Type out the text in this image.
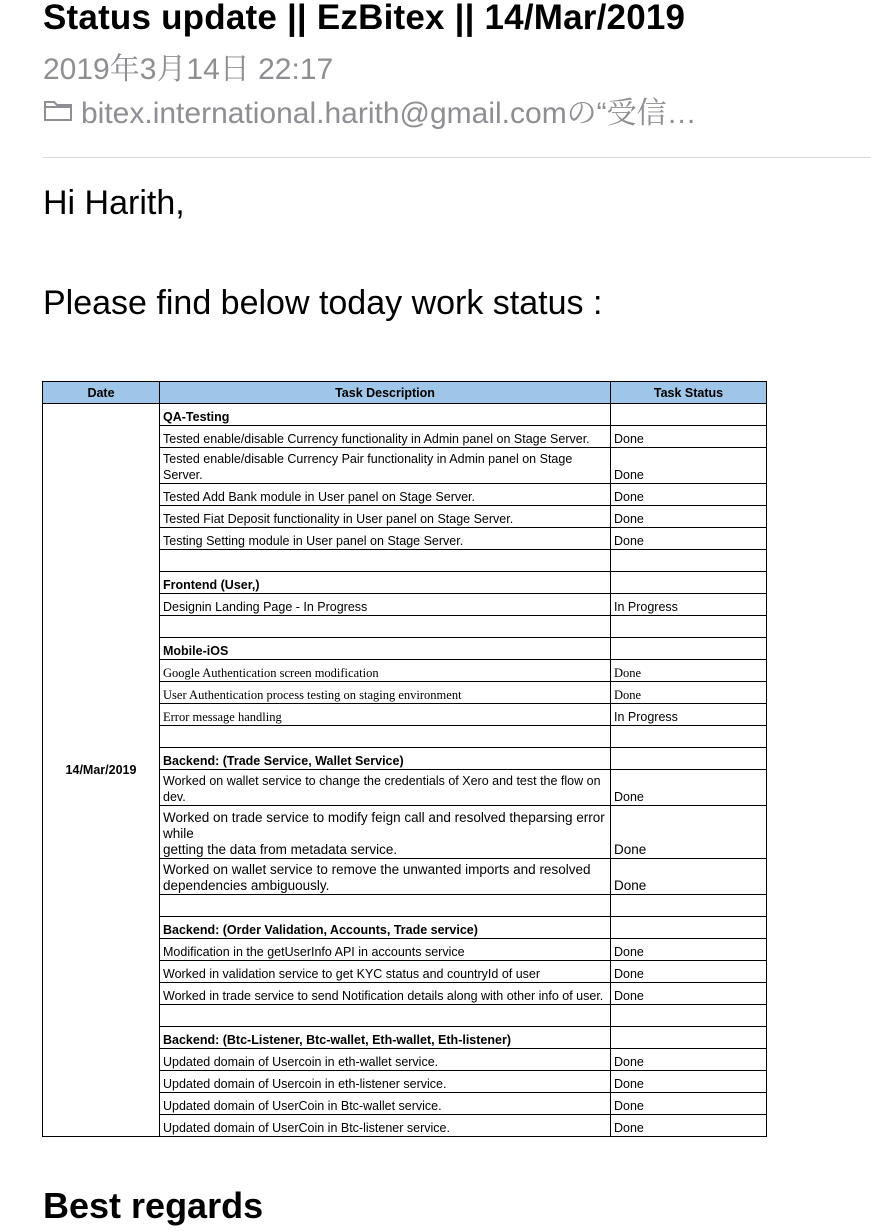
Status update || EzBitex || 14/Mar/2019
2019年3月14日 22:17
bitex.international.harith@gmail.comの“受信…
Hi Harith,
Please find below today work status :
Date	Task Description	Task Status
14/Mar/2019	QA-Testing	
	Tested enable/disable Currency functionality in Admin panel on Stage Server.	Done
	Tested enable/disable Currency Pair functionality in Admin panel on Stage Server.	Done
	Tested Add Bank module in User panel on Stage Server.	Done
	Tested Fiat Deposit functionality in User panel on Stage Server.	Done
	Testing Setting module in User panel on Stage Server.	Done

	Frontend (User,)	
	Designin Landing Page - In Progress	In Progress

	Mobile-iOS	
	Google Authentication screen modification	Done
	User Authentication process testing on staging environment	Done
	Error message handling	In Progress

	Backend: (Trade Service, Wallet Service)	
	Worked on wallet service to change the credentials of Xero and test the flow on dev.	Done
	Worked on trade service to modify feign call and resolved theparsing error while
getting the data from metadata service.	Done
	Worked on wallet service to remove the unwanted imports and resolved dependencies ambiguously.	Done

	Backend: (Order Validation, Accounts, Trade service)	
	Modification in the getUserInfo API in accounts service	Done
	Worked in validation service to get KYC status and countryId of user	Done
	Worked in trade service to send Notification details along with other info of user.	Done

	Backend: (Btc-Listener, Btc-wallet, Eth-wallet, Eth-listener)	
	Updated domain of Usercoin in eth-wallet service.	Done
	Updated domain of Usercoin in eth-listener service.	Done
	Updated domain of UserCoin in Btc-wallet service.	Done
	Updated domain of UserCoin in Btc-listener service.	Done
Best regards
